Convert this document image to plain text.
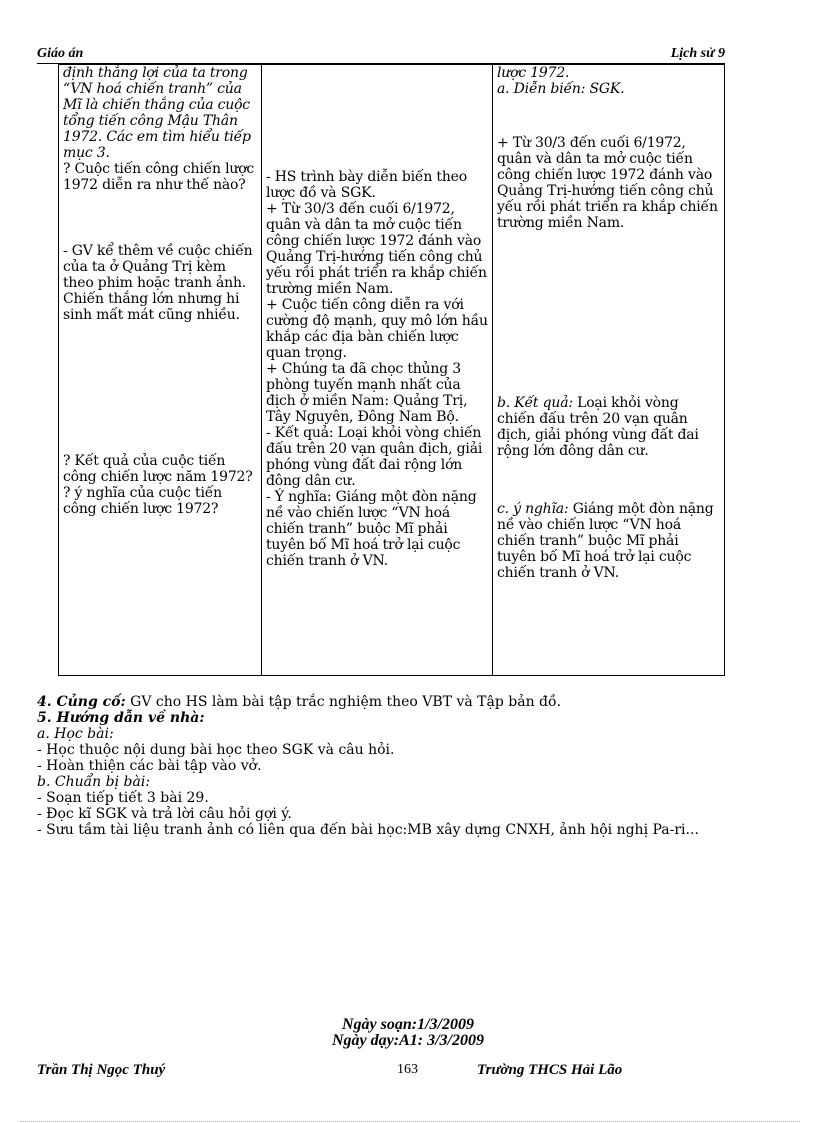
Giáo án	Lịch sử 9
định thắng lợi của ta trong “VN hoá chiến tranh” của Mĩ là chiến thắng của cuộc tổng tiến công Mậu Thân 1972. Các em tìm hiểu tiếp mục 3.
? Cuộc tiến công chiến lược 1972 diễn ra như thế nào?
- GV kể thêm về cuộc chiến của ta ở Quảng Trị kèm theo phim hoặc tranh ảnh. Chiến thắng lớn nhưng hi sinh mất mát cũng nhiều.
? Kết quả của cuộc tiến công chiến lược năm 1972?
? ý nghĩa của cuộc tiến công chiến lược 1972?

- HS trình bày diễn biến theo lược đồ và SGK.
+ Từ 30/3 đến cuối 6/1972, quân và dân ta mở cuộc tiến công chiến lược 1972 đánh vào Quảng Trị-hướng tiến công chủ yếu rồi phát triển ra khắp chiến trường miền Nam.
+ Cuộc tiến công diễn ra với cường độ mạnh, quy mô lớn hầu khắp các địa bàn chiến lược quan trọng.
+ Chúng ta đã chọc thủng 3 phòng tuyến mạnh nhất của địch ở miền Nam: Quảng Trị, Tây Nguyên, Đông Nam Bộ.
- Kết quả: Loại khỏi vòng chiến đấu trên 20 vạn quân địch, giải phóng vùng đất đai rộng lớn đông dân cư.
- Ý nghĩa: Giáng một đòn nặng nề vào chiến lược “VN hoá chiến tranh” buộc Mĩ phải tuyên bố Mĩ hoá trở lại cuộc chiến tranh ở VN.

lược 1972.
a. Diễn biến: SGK.
+ Từ 30/3 đến cuối 6/1972, quân và dân ta mở cuộc tiến công chiến lược 1972 đánh vào Quảng Trị-hướng tiến công chủ yếu rồi phát triển ra khắp chiến trường miền Nam.
b. Kết quả: Loại khỏi vòng chiến đấu trên 20 vạn quân địch, giải phóng vùng đất đai rộng lớn đông dân cư.
c. ý nghĩa: Giáng một đòn nặng nề vào chiến lược “VN hoá chiến tranh” buộc Mĩ phải tuyên bố Mĩ hoá trở lại cuộc chiến tranh ở VN.
4. Củng cố: GV cho HS làm bài tập trắc nghiệm theo VBT và Tập bản đồ.
5. Hướng dẫn về nhà:
a. Học bài:
- Học thuộc nội dung bài học theo SGK và câu hỏi.
- Hoàn thiện các bài tập vào vở.
b. Chuẩn bị bài:
- Soạn tiếp tiết 3 bài 29.
- Đọc kĩ SGK và trả lời câu hỏi gợi ý.
- Sưu tầm tài liệu tranh ảnh có liên qua đến bài học:MB xây dựng CNXH, ảnh hội nghị Pa-ri...
Ngày soạn:1/3/2009
Ngày dạy:A1: 3/3/2009
Trần Thị Ngọc Thuý	163	Trường THCS Hải Lão
